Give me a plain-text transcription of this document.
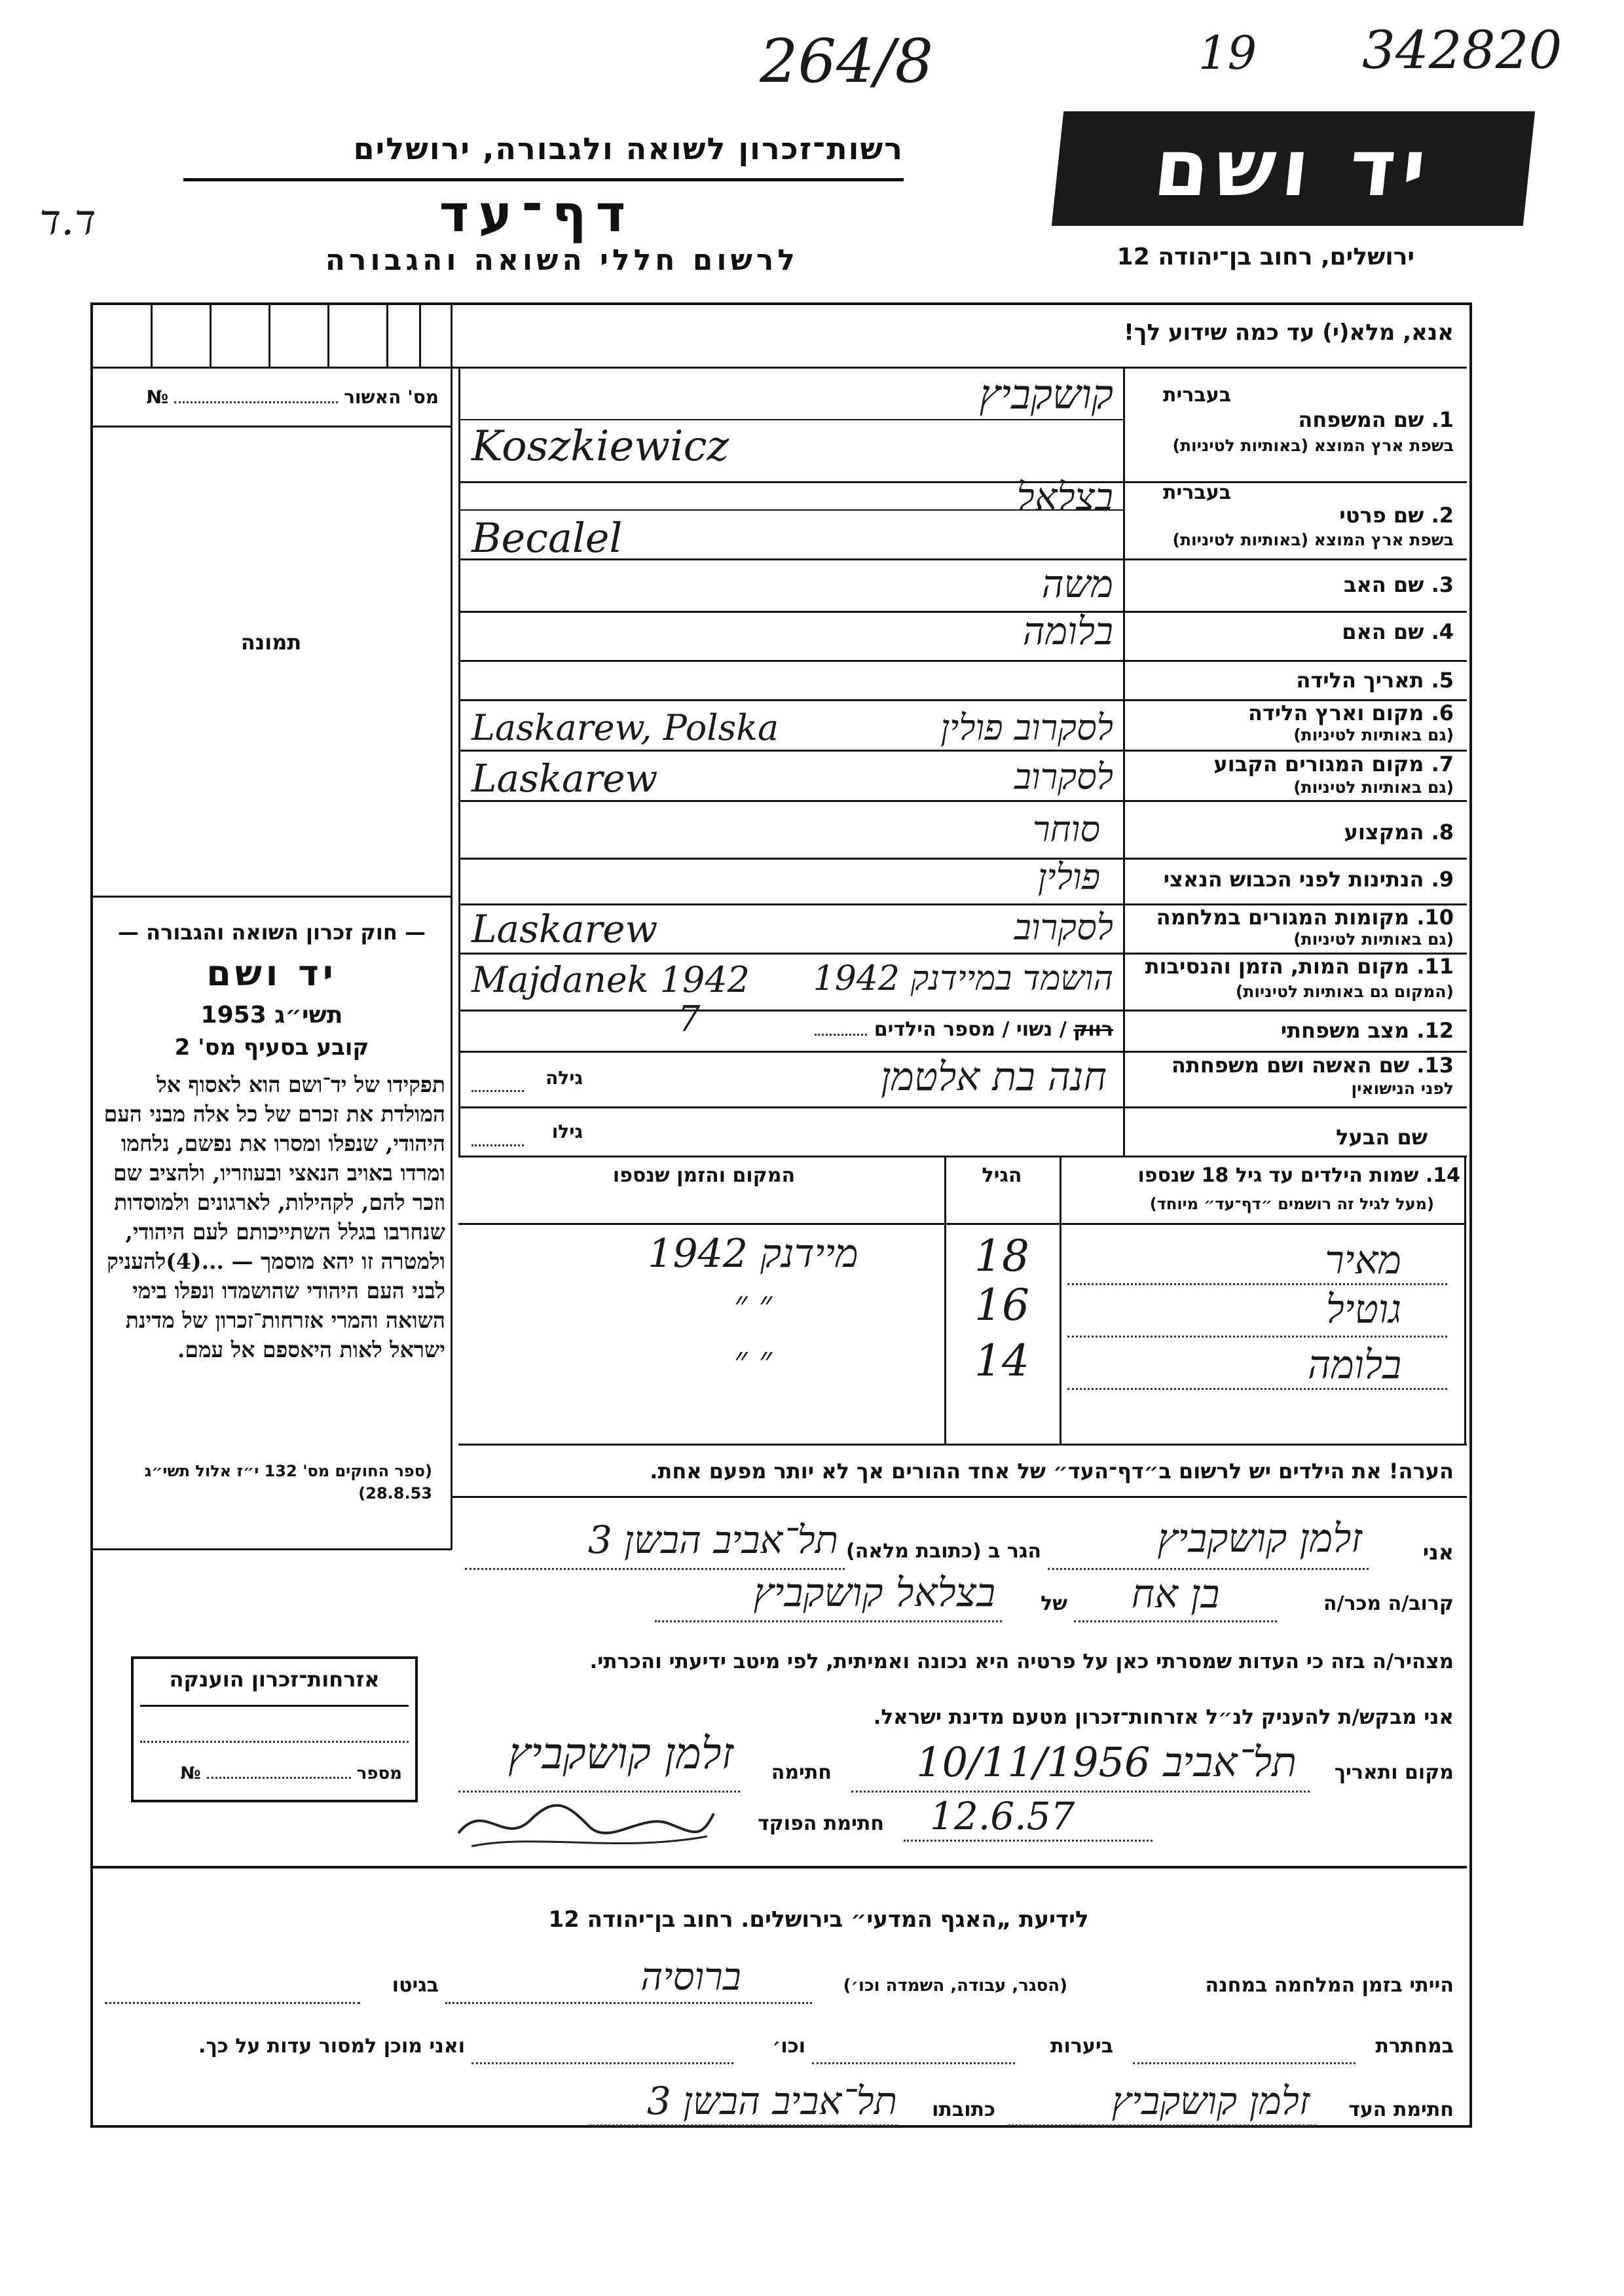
264/8	19	342820
ד.ד
רשות־זכרון לשואה ולגבורה, ירושלים
דף־עד
לרשום חללי השואה והגבורה
יד ושם
ירושלים, רחוב בן־יהודה 12
אנא, מלא(י) עד כמה שידוע לך!
מס' האשור  №
תמונה
— חוק זכרון השואה והגבורה —
יד ושם
תשי״ג 1953
קובע בסעיף מס' 2
תפקידו של יד־ושם הוא לאסוף אל המולדת את זכרם של כל אלה מבני העם היהודי, שנפלו ומסרו את נפשם, נלחמו ומרדו באויב הנאצי ובעוזריו, ולהציב שם וזכר להם, לקהילות, לארגונים ולמוסדות שנחרבו בגלל השתייכותם לעם היהודי, ולמטרה זו יהא מוסמך — ...(4)להעניק לבני העם היהודי שהושמדו ונפלו בימי השואה והמרי אזרחות־זכרון של מדינת ישראל לאות היאספם אל עמם.
(ספר החוקים מס' 132 י״ז אלול תשי״ג 28.8.53)
בעברית
1. שם המשפחה
בשפת ארץ המוצא (באותיות לטיניות)
קושקביץ
Koszkiewicz
בעברית
2. שם פרטי
בשפת ארץ המוצא (באותיות לטיניות)
בצלאל
Becalel
3. שם האב
משה
4. שם האם
בלומה
5. תאריך הלידה
6. מקום וארץ הלידה
(גם באותיות לטיניות)
לסקרוב פולין
Laskarew, Polska
7. מקום המגורים הקבוע
(גם באותיות לטיניות)
לסקרוב
Laskarew
8. המקצוע
סוחר
9. הנתינות לפני הכבוש הנאצי
פולין
10. מקומות המגורים במלחמה
(גם באותיות לטיניות)
לסקרוב
Laskarew
11. מקום המות, הזמן והנסיבות
(המקום גם באותיות לטיניות)
הושמד במיידנק 1942
Majdanek 1942
12. מצב משפחתי
רווק / נשוי / מספר הילדים
7
13. שם האשה ושם משפחתה
לפני הנישואין
חנה בת אלטמן
גילה
שם הבעל
גילו
14. שמות הילדים עד גיל 18 שנספו
(מעל לגיל זה רושמים ״דף־עד״ מיוחד)
הגיל
המקום והזמן שנספו
מאיר
18
מיידנק 1942
גוטיל
16
״ ״
בלומה
14
״ ״
הערה! את הילדים יש לרשום ב״דף־העד״ של אחד ההורים אך לא יותר מפעם אחת.
אני
זלמן קושקביץ
הגר ב (כתובת מלאה)
תל־אביב הבשן 3
קרוב/ה מכר/ה
בן אח
של
בצלאל קושקביץ
מצהיר/ה בזה כי העדות שמסרתי כאן על פרטיה היא נכונה ואמיתית, לפי מיטב ידיעתי והכרתי.
אני מבקש/ת להעניק לנ״ל אזרחות־זכרון מטעם מדינת ישראל.
מקום ותאריך
תל־אביב 10/11/1956
חתימה
זלמן קושקביץ
חתימת הפוקד 12.6.57
אזרחות־זכרון הוענקה
מספר  №
לידיעת „האגף המדעי״ בירושלים. רחוב בן־יהודה 12
הייתי בזמן המלחמה במחנה
(הסגר, עבודה, השמדה וכו׳)
ברוסיה
בגיטו
במחתרת
ביערות
וכו׳
ואני מוכן למסור עדות על כך.
חתימת העד
זלמן קושקביץ
כתובתו
תל־אביב הבשן 3
